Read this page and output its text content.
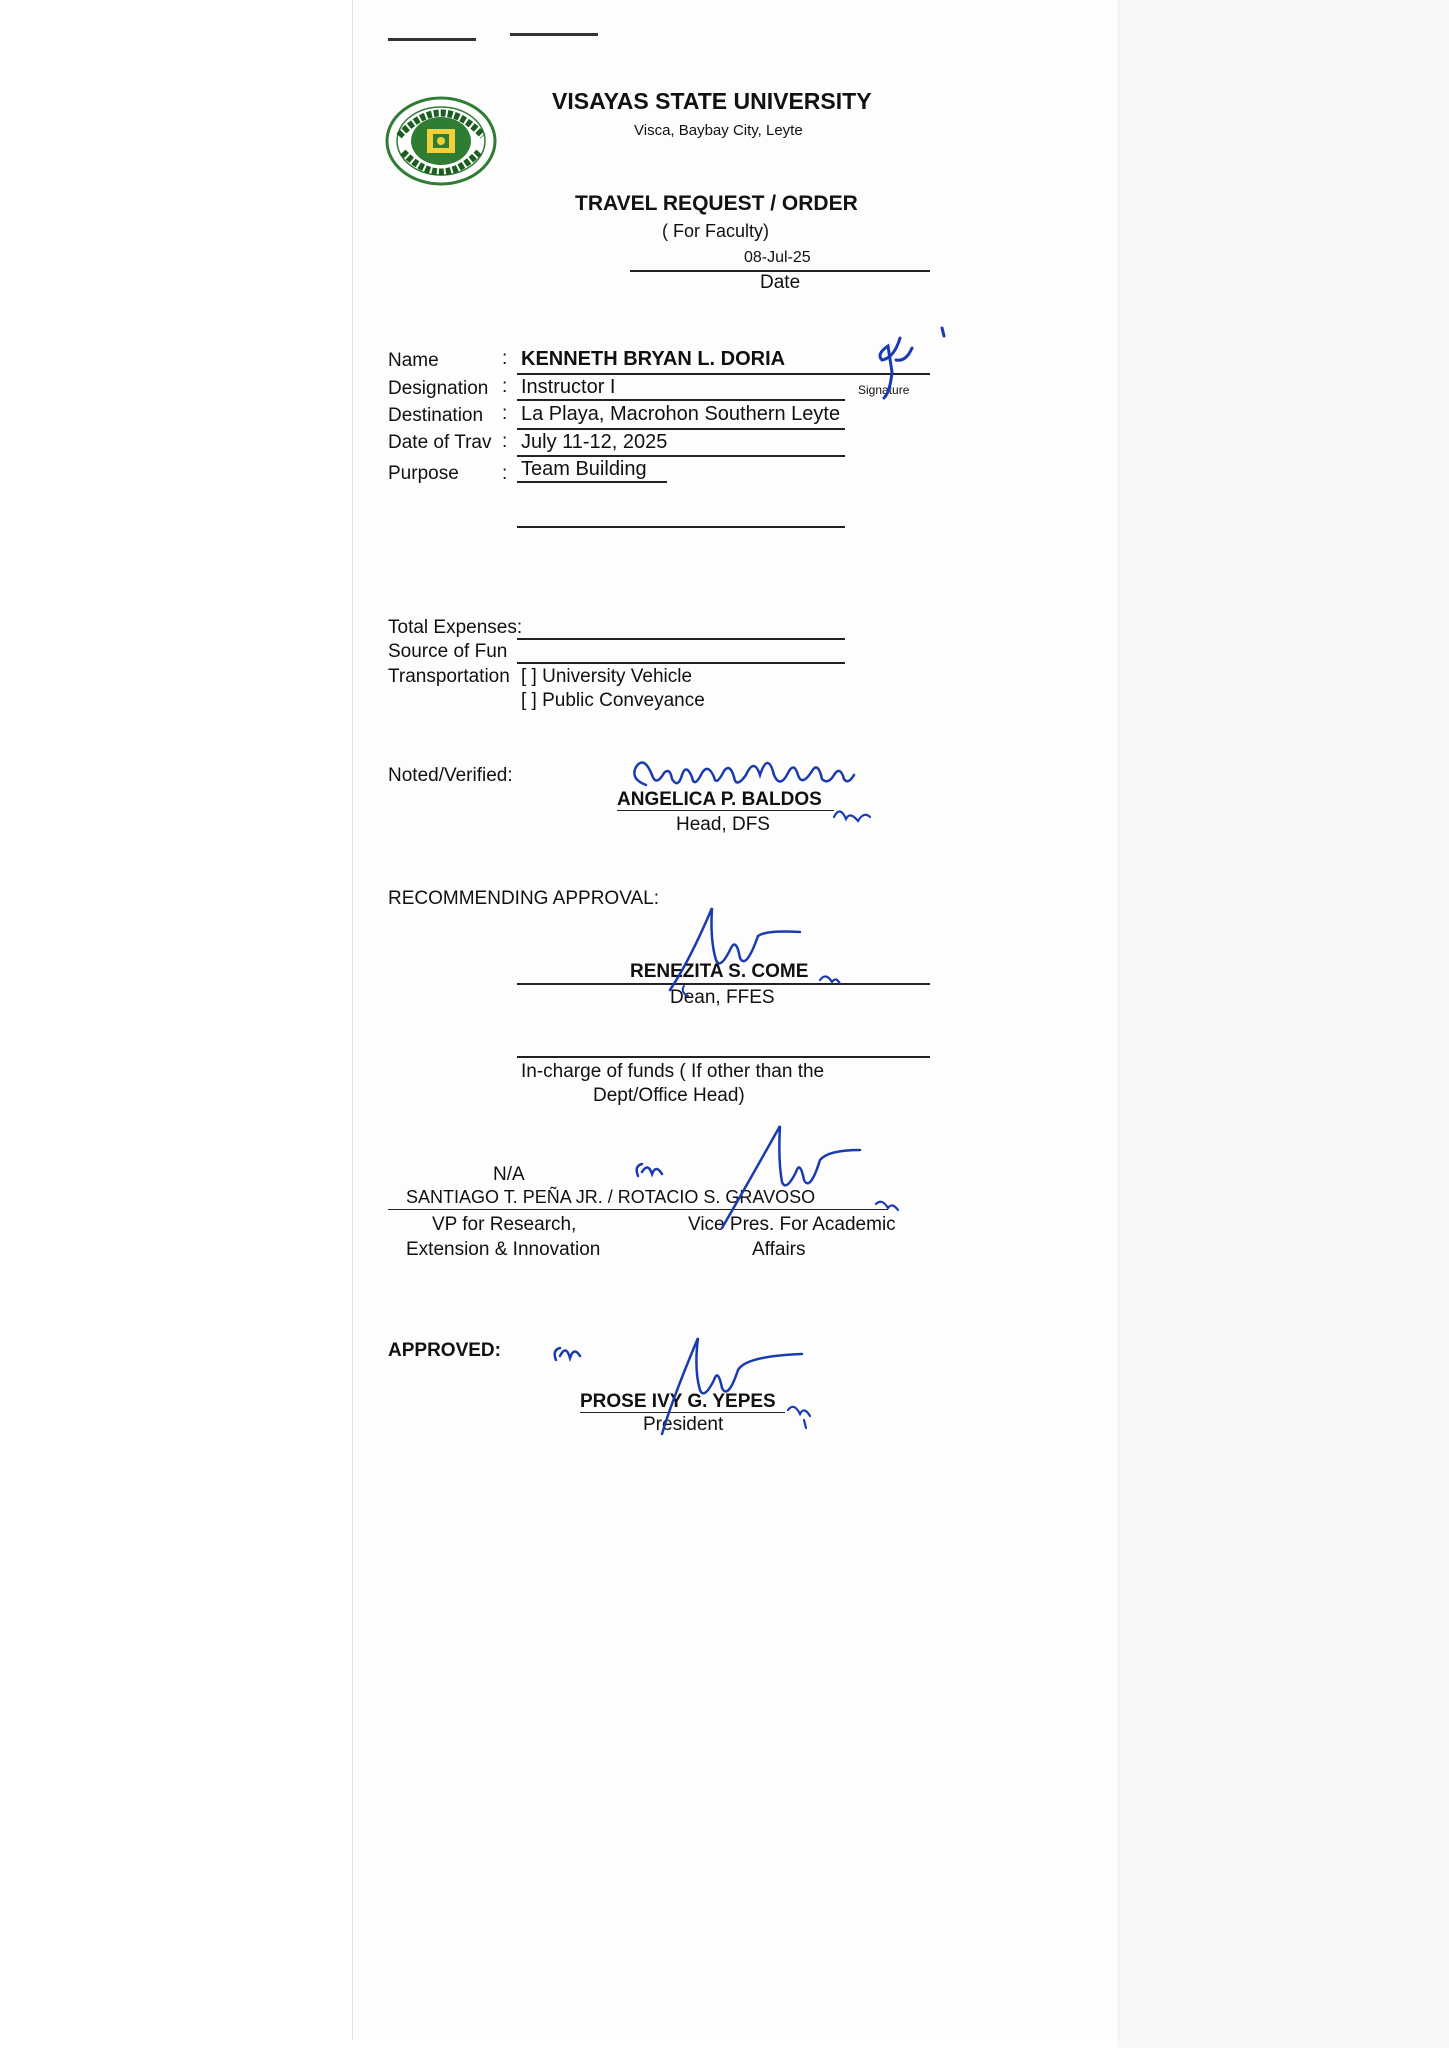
VISAYAS STATE UNIVERSITY
Visca, Baybay City, Leyte
TRAVEL REQUEST / ORDER
( For Faculty)
08-Jul-25
Date
Name	: KENNETH BRYAN L. DORIA
Designation : Instructor I	Signature
Destination : La Playa, Macrohon Southern Leyte
Date of Trav : July 11-12, 2025
Purpose : Team Building
Total Expenses:
Source of Fun
Transportation [ ] University Vehicle
[ ] Public Conveyance
Noted/Verified:
ANGELICA P. BALDOS
Head, DFS
RECOMMENDING APPROVAL:
RENEZITA S. COME
Dean, FFES
In-charge of funds ( If other than the
Dept/Office Head)
N/A
SANTIAGO T. PEÑA JR. / ROTACIO S. GRAVOSO
VP for Research,
Extension & Innovation
Vice Pres. For Academic
Affairs
APPROVED:
PROSE IVY G. YEPES
President
